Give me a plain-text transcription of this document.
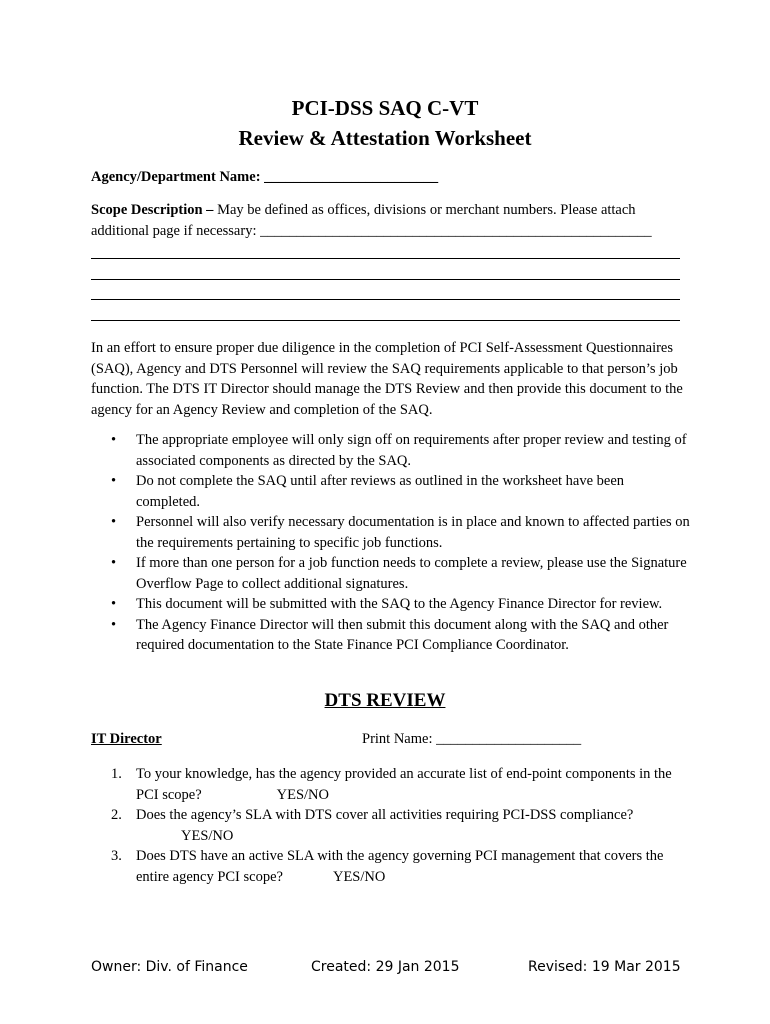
PCI-DSS SAQ C-VT
Review & Attestation Worksheet
Agency/Department Name: ________________________
Scope Description – May be defined as offices, divisions or merchant numbers. Please attach
additional page if necessary: ______________________________________________________
In an effort to ensure proper due diligence in the completion of PCI Self-Assessment Questionnaires (SAQ), Agency and DTS Personnel will review the SAQ requirements applicable to that person’s job function. The DTS IT Director should manage the DTS Review and then provide this document to the agency for an Agency Review and completion of the SAQ.
• The appropriate employee will only sign off on requirements after proper review and testing of associated components as directed by the SAQ.
• Do not complete the SAQ until after reviews as outlined in the worksheet have been completed.
• Personnel will also verify necessary documentation is in place and known to affected parties on the requirements pertaining to specific job functions.
• If more than one person for a job function needs to complete a review, please use the Signature Overflow Page to collect additional signatures.
• This document will be submitted with the SAQ to the Agency Finance Director for review.
• The Agency Finance Director will then submit this document along with the SAQ and other required documentation to the State Finance PCI Compliance Coordinator.
DTS REVIEW
IT Director	Print Name: ____________________
1. To your knowledge, has the agency provided an accurate list of end-point components in the PCI scope?	YES/NO
2. Does the agency’s SLA with DTS cover all activities requiring PCI-DSS compliance?
YES/NO
3. Does DTS have an active SLA with the agency governing PCI management that covers the entire agency PCI scope?	YES/NO
Owner: Div. of Finance	Created: 29 Jan 2015	Revised: 19 Mar 2015
